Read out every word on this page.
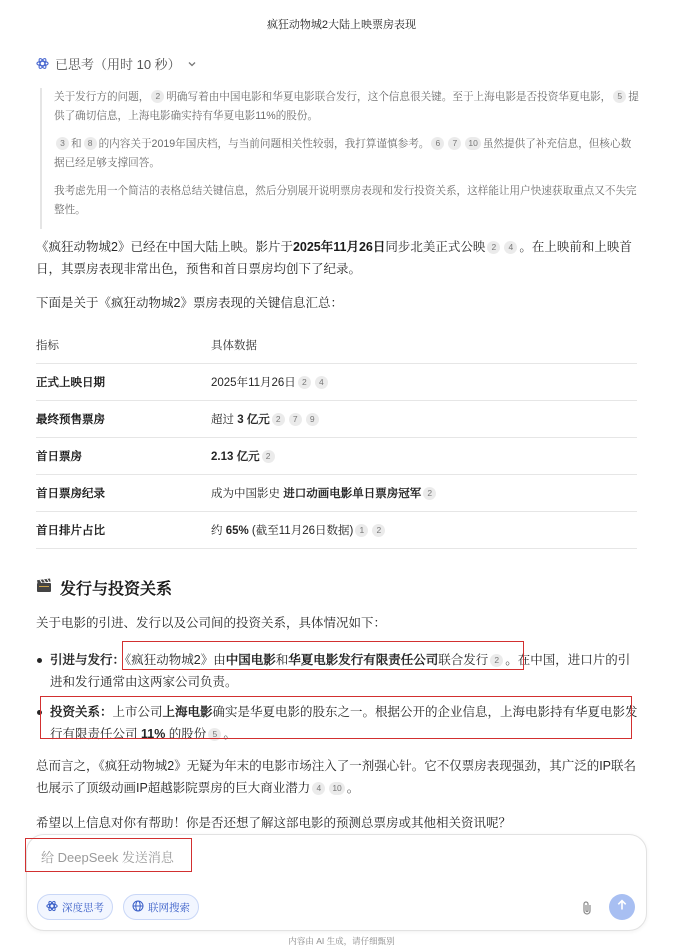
疯狂动物城2大陆上映票房表现
已思考（用时 10 秒）

关于发行方的问题， 2 明确写着由中国电影和华夏电影联合发行，这个信息很关键。至于上海电影是否投资华夏电影， 5 提供了确切信息，上海电影确实持有华夏电影11%的股份。

3 和 8 的内容关于2019年国庆档，与当前问题相关性较弱，我打算谨慎参考。 6 7 10 虽然提供了补充信息，但核心数据已经足够支撑回答。

我考虑先用一个简洁的表格总结关键信息，然后分别展开说明票房表现和发行投资关系，这样能让用户快速获取重点又不失完整性。

《疯狂动物城2》已经在中国大陆上映。影片于2025年11月26日同步北美正式公映 2 4 。在上映前和上映首日，其票房表现非常出色，预售和首日票房均创下了纪录。
下面是关于《疯狂动物城2》票房表现的关键信息汇总：
指标	具体数据
正式上映日期	2025年11月26日 2 4
最终预售票房	超过 3 亿元 2 7 9
首日票房	2.13 亿元 2
首日票房纪录	成为中国影史 进口动画电影单日票房冠军 2
首日排片占比	约 65% (截至11月26日数据) 1 2
发行与投资关系
关于电影的引进、发行以及公司间的投资关系，具体情况如下：
引进与发行：《疯狂动物城2》由中国电影和华夏电影发行有限责任公司联合发行 2 。在中国，进口片的引进和发行通常由这两家公司负责。
投资关系：上市公司上海电影确实是华夏电影的股东之一。根据公开的企业信息，上海电影持有华夏电影发行有限责任公司 11% 的股份 5 。
总而言之，《疯狂动物城2》无疑为年末的电影市场注入了一剂强心针。它不仅票房表现强劲，其广泛的IP联名也展示了顶级动画IP超越影院票房的巨大商业潜力 4 10 。
希望以上信息对你有帮助！你是否还想了解这部电影的预测总票房或其他相关资讯呢？
给 DeepSeek 发送消息
深度思考	联网搜索
内容由 AI 生成，请仔细甄别
